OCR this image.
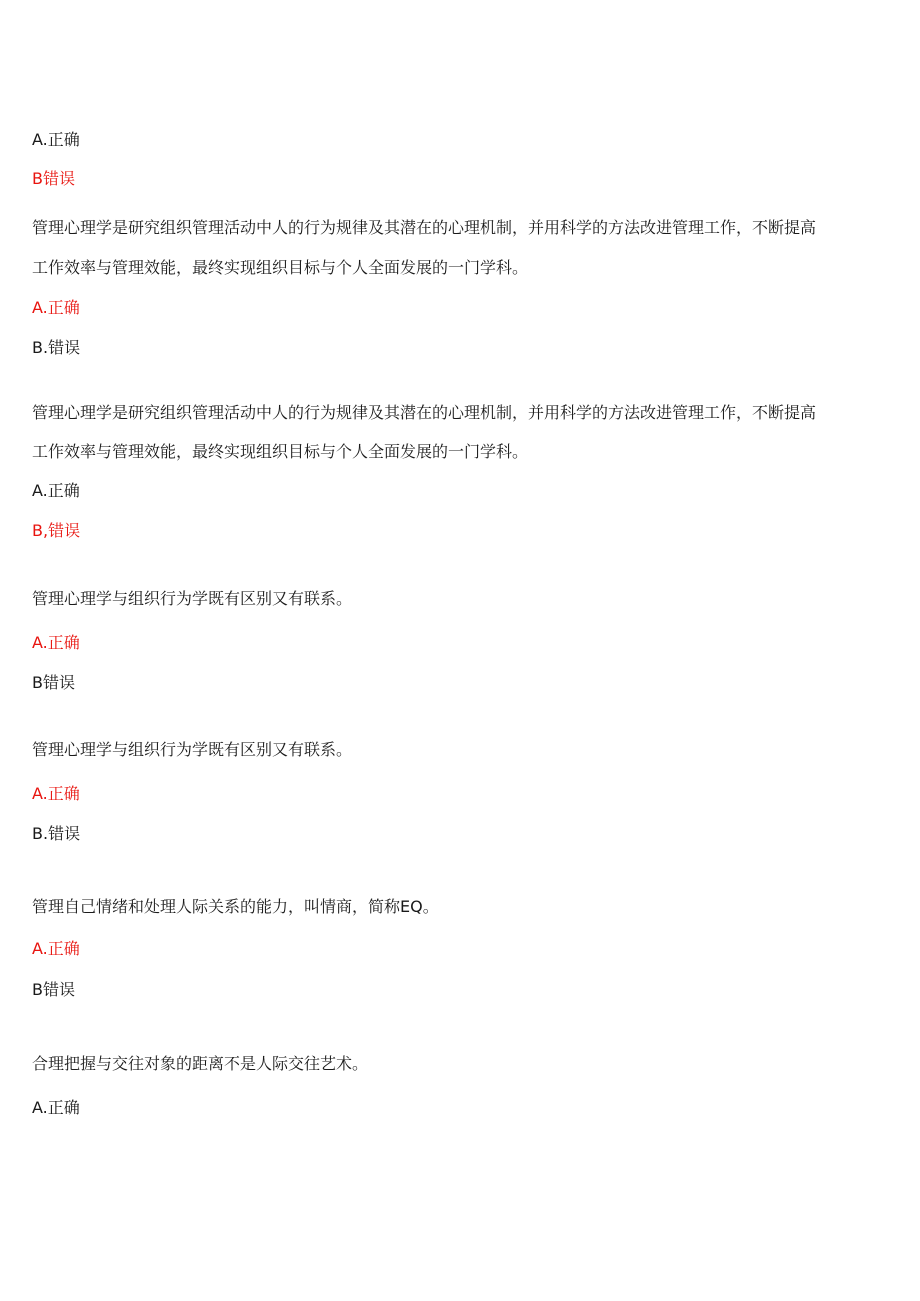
A.正确
B错误
管理心理学是研究组织管理活动中人的行为规律及其潜在的心理机制，并用科学的方法改进管理工作，不断提高
工作效率与管理效能，最终实现组织目标与个人全面发展的一门学科。
A.正确
B.错误
管理心理学是研究组织管理活动中人的行为规律及其潜在的心理机制，并用科学的方法改进管理工作，不断提高
工作效率与管理效能，最终实现组织目标与个人全面发展的一门学科。
A.正确
B,错误
管理心理学与组织行为学既有区别又有联系。
A.正确
B错误
管理心理学与组织行为学既有区别又有联系。
A.正确
B.错误
管理自己情绪和处理人际关系的能力，叫情商，简称EQ。
A.正确
B错误
合理把握与交往对象的距离不是人际交往艺术。
A.正确
